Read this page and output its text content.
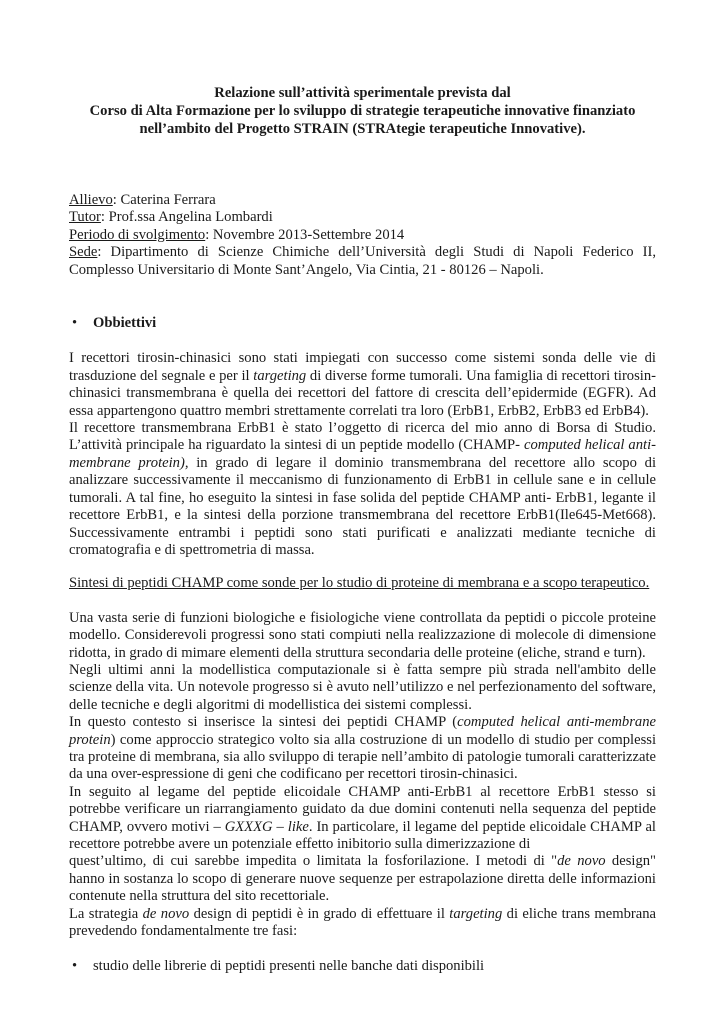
Relazione sull’attività sperimentale prevista dal
Corso di Alta Formazione per lo sviluppo di strategie terapeutiche innovative finanziato
nell’ambito del Progetto STRAIN (STRAtegie terapeutiche Innovative).
Allievo: Caterina Ferrara
Tutor: Prof.ssa Angelina Lombardi
Periodo di svolgimento: Novembre 2013-Settembre 2014
Sede: Dipartimento di Scienze Chimiche dell’Università degli Studi di Napoli Federico II, Complesso Universitario di Monte Sant’Angelo, Via Cintia, 21 - 80126 – Napoli.
•	Obbiettivi

I recettori tirosin-chinasici sono stati impiegati con successo come sistemi sonda delle vie di trasduzione del segnale e per il targeting di diverse forme tumorali. Una famiglia di recettori tirosin-chinasici transmembrana è quella dei recettori del fattore di crescita dell’epidermide (EGFR). Ad essa appartengono quattro membri strettamente correlati tra loro (ErbB1, ErbB2, ErbB3 ed ErbB4).

Il recettore transmembrana ErbB1 è stato l’oggetto di ricerca del mio anno di Borsa di Studio. L’attività principale ha riguardato la sintesi di un peptide modello (CHAMP- computed helical anti-membrane protein), in grado di legare il dominio transmembrana del recettore allo scopo di analizzare successivamente il meccanismo di funzionamento di ErbB1 in cellule sane e in cellule tumorali. A tal fine, ho eseguito la sintesi in fase solida del peptide CHAMP anti- ErbB1, legante il recettore ErbB1, e la sintesi della porzione transmembrana del recettore ErbB1(Ile645-Met668). Successivamente entrambi i peptidi sono stati purificati e analizzati mediante tecniche di cromatografia e di spettrometria di massa.

Sintesi di peptidi CHAMP come sonde per lo studio di proteine di membrana e a scopo terapeutico.

Una vasta serie di funzioni biologiche e fisiologiche viene controllata da peptidi o piccole proteine modello. Considerevoli progressi sono stati compiuti nella realizzazione di molecole di dimensione ridotta, in grado di mimare elementi della struttura secondaria delle proteine (eliche, strand e turn).

Negli ultimi anni la modellistica computazionale si è fatta sempre più strada nell'ambito delle scienze della vita. Un notevole progresso si è avuto nell’utilizzo e nel perfezionamento del software, delle tecniche e degli algoritmi di modellistica dei sistemi complessi.

In questo contesto si inserisce la sintesi dei peptidi CHAMP (computed helical anti-membrane protein) come approccio strategico volto sia alla costruzione di un modello di studio per complessi tra proteine di membrana, sia allo sviluppo di terapie nell’ambito di patologie tumorali caratterizzate da una over-espressione di geni che codificano per recettori tirosin-chinasici.

In seguito al legame del peptide elicoidale CHAMP anti-ErbB1 al recettore ErbB1 stesso si potrebbe verificare un riarrangiamento guidato da due domini contenuti nella sequenza del peptide CHAMP, ovvero motivi – GXXXG – like. In particolare, il legame del peptide elicoidale CHAMP al recettore potrebbe avere un potenziale effetto inibitorio sulla dimerizzazione di

quest’ultimo, di cui sarebbe impedita o limitata la fosforilazione. I metodi di "de novo design" hanno in sostanza lo scopo di generare nuove sequenze per estrapolazione diretta delle informazioni contenute nella struttura del sito recettoriale.

La strategia de novo design di peptidi è in grado di effettuare il targeting di eliche trans membrana prevedendo fondamentalmente tre fasi:

•	studio delle librerie di peptidi presenti nelle banche dati disponibili
